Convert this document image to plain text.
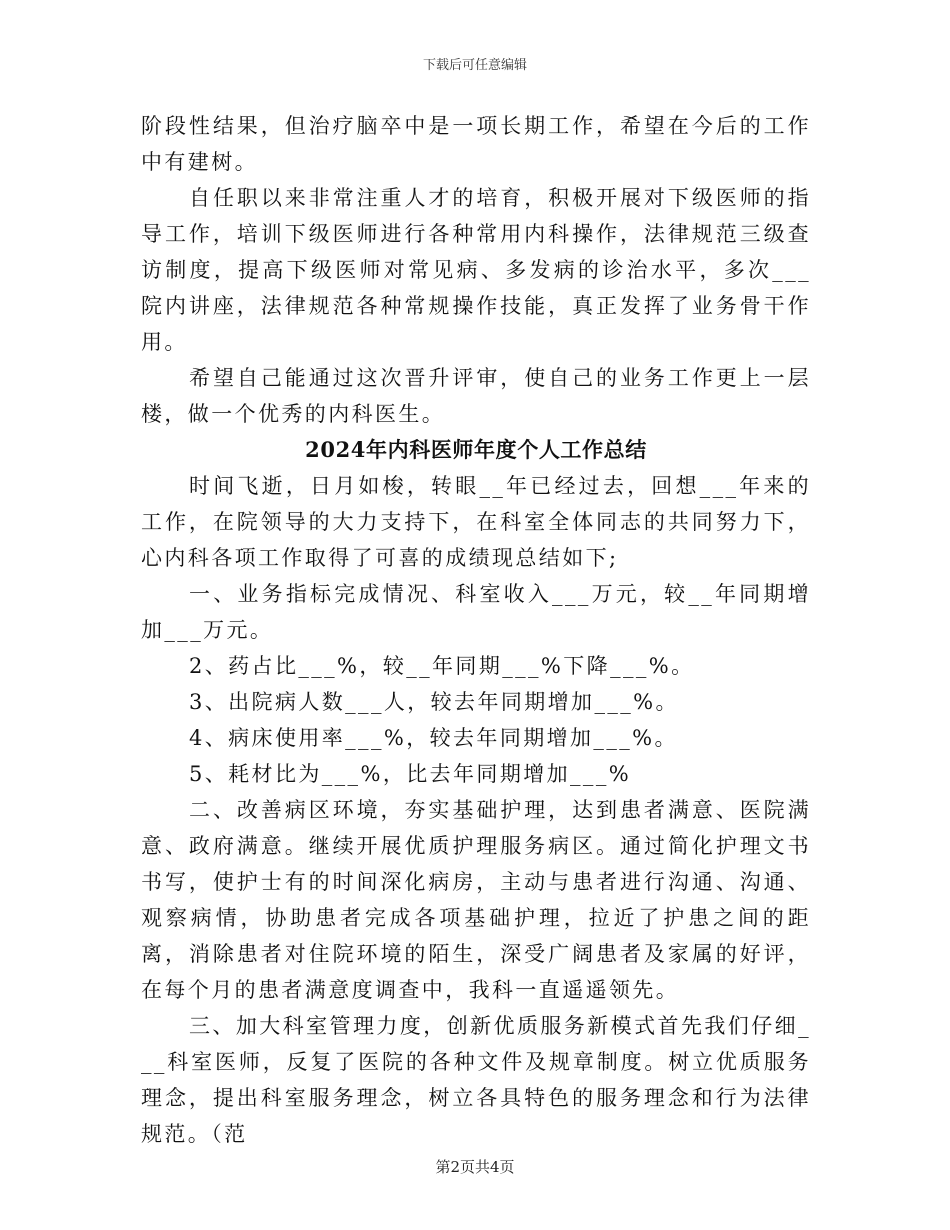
下载后可任意编辑

阶段性结果，但治疗脑卒中是一项长期工作，希望在今后的工作中有建树。

自任职以来非常注重人才的培育，积极开展对下级医师的指导工作，培训下级医师进行各种常用内科操作，法律规范三级查访制度，提高下级医师对常见病、多发病的诊治水平，多次___院内讲座，法律规范各种常规操作技能，真正发挥了业务骨干作用。

希望自己能通过这次晋升评审，使自己的业务工作更上一层楼，做一个优秀的内科医生。

2024年内科医师年度个人工作总结

时间飞逝，日月如梭，转眼__年已经过去，回想___年来的工作，在院领导的大力支持下，在科室全体同志的共同努力下，心内科各项工作取得了可喜的成绩现总结如下;

一、业务指标完成情况、科室收入___万元，较__年同期增加___万元。

2、药占比___%，较__年同期___%下降___%。

3、出院病人数___人，较去年同期增加___%。

4、病床使用率___%，较去年同期增加___%。

5、耗材比为___%，比去年同期增加___%

二、改善病区环境，夯实基础护理，达到患者满意、医院满意、政府满意。继续开展优质护理服务病区。通过简化护理文书书写，使护士有的时间深化病房，主动与患者进行沟通、沟通、观察病情，协助患者完成各项基础护理，拉近了护患之间的距离，消除患者对住院环境的陌生，深受广阔患者及家属的好评，在每个月的患者满意度调查中，我科一直遥遥领先。

三、加大科室管理力度，创新优质服务新模式首先我们仔细___科室医师，反复了医院的各种文件及规章制度。树立优质服务理念，提出科室服务理念，树立各具特色的服务理念和行为法律规范。（范

第2页共4页
